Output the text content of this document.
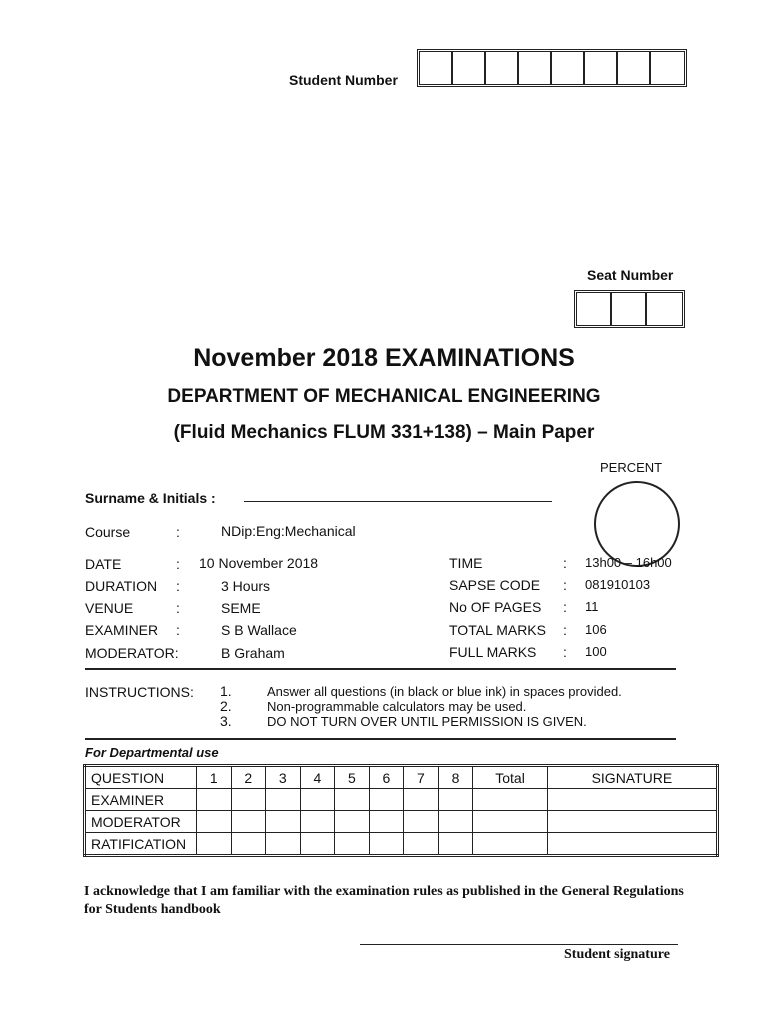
Student Number
Seat Number
November 2018 EXAMINATIONS
DEPARTMENT OF MECHANICAL ENGINEERING
(Fluid Mechanics FLUM 331+138) – Main Paper
PERCENT
Surname & Initials :
Course	:	NDip:Eng:Mechanical
DATE	: 10 November 2018
DURATION :	3 Hours
VENUE	:	SEME
EXAMINER :	S B Wallace
MODERATOR:	B Graham
TIME	: 13h00 – 16h00
SAPSE CODE : 081910103
No OF PAGES : 11
TOTAL MARKS : 106
FULL MARKS : 100
INSTRUCTIONS: 1.
2.
3.
Answer all questions (in black or blue ink) in spaces provided.
Non-programmable calculators may be used.
DO NOT TURN OVER UNTIL PERMISSION IS GIVEN.
For Departmental use
QUESTION	1	2	3	4	5	6	7	8	Total	SIGNATURE
EXAMINER										
MODERATOR										
RATIFICATION										
I acknowledge that I am familiar with the examination rules as published in the General Regulations for Students handbook
Student signature
